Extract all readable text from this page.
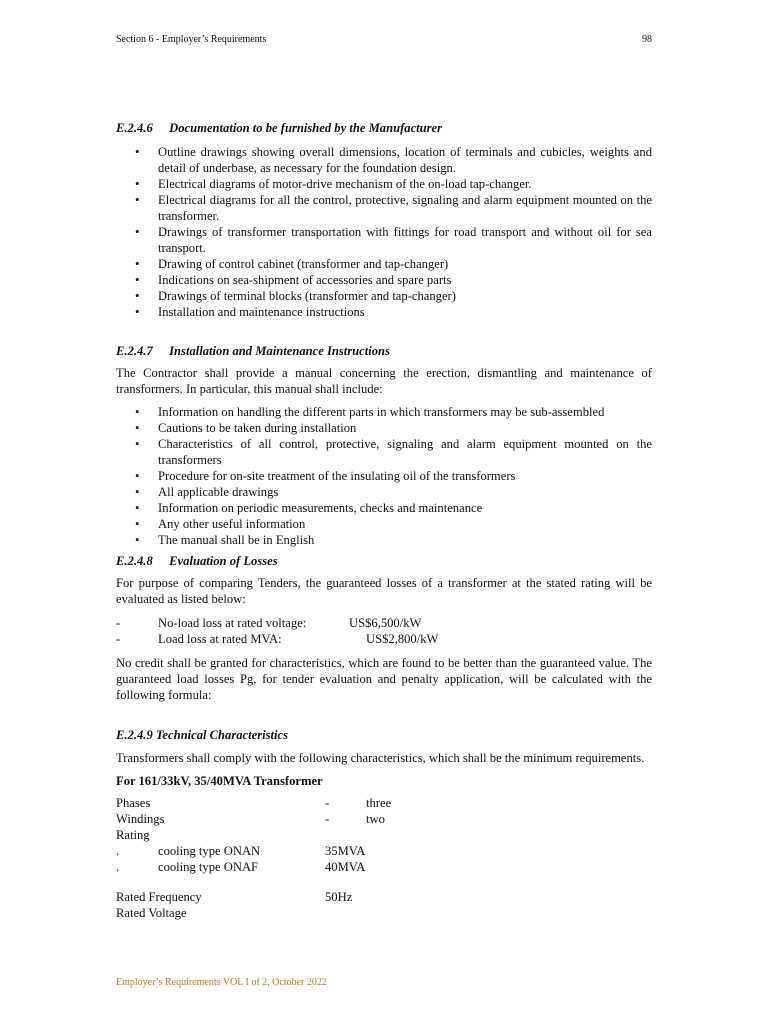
Section 6 - Employer’s Requirements	98
E.2.4.6 Documentation to be furnished by the Manufacturer
• Outline drawings showing overall dimensions, location of terminals and cubicles, weights and detail of underbase, as necessary for the foundation design.
• Electrical diagrams of motor-drive mechanism of the on-load tap-changer.
• Electrical diagrams for all the control, protective, signaling and alarm equipment mounted on the transformer.
• Drawings of transformer transportation with fittings for road transport and without oil for sea transport.
• Drawing of control cabinet (transformer and tap-changer)
• Indications on sea-shipment of accessories and spare parts
• Drawings of terminal blocks (transformer and tap-changer)
• Installation and maintenance instructions
E.2.4.7 Installation and Maintenance Instructions

The Contractor shall provide a manual concerning the erection, dismantling and maintenance of transformers. In particular, this manual shall include:

• Information on handling the different parts in which transformers may be sub-assembled
• Cautions to be taken during installation
• Characteristics of all control, protective, signaling and alarm equipment mounted on the transformers
• Procedure for on-site treatment of the insulating oil of the transformers
• All applicable drawings
• Information on periodic measurements, checks and maintenance
• Any other useful information
• The manual shall be in English
E.2.4.8 Evaluation of Losses

For purpose of comparing Tenders, the guaranteed losses of a transformer at the stated rating will be evaluated as listed below:

-	No-load loss at rated voltage:	US$6,500/kW
-	Load loss at rated MVA:	US$2,800/kW

No credit shall be granted for characteristics, which are found to be better than the guaranteed value. The guaranteed load losses Pg, for tender evaluation and penalty application, will be calculated with the following formula:

E.2.4.9 Technical Characteristics

Transformers shall comply with the following characteristics, which shall be the minimum requirements.

For 161/33kV, 35/40MVA Transformer
Phases	-	three
Windings	-	two
Rating
.	cooling type ONAN	35MVA
.	cooling type ONAF	40MVA
Rated Frequency	50Hz
Rated Voltage
Employer’s Requirements VOL I of 2, October 2022
